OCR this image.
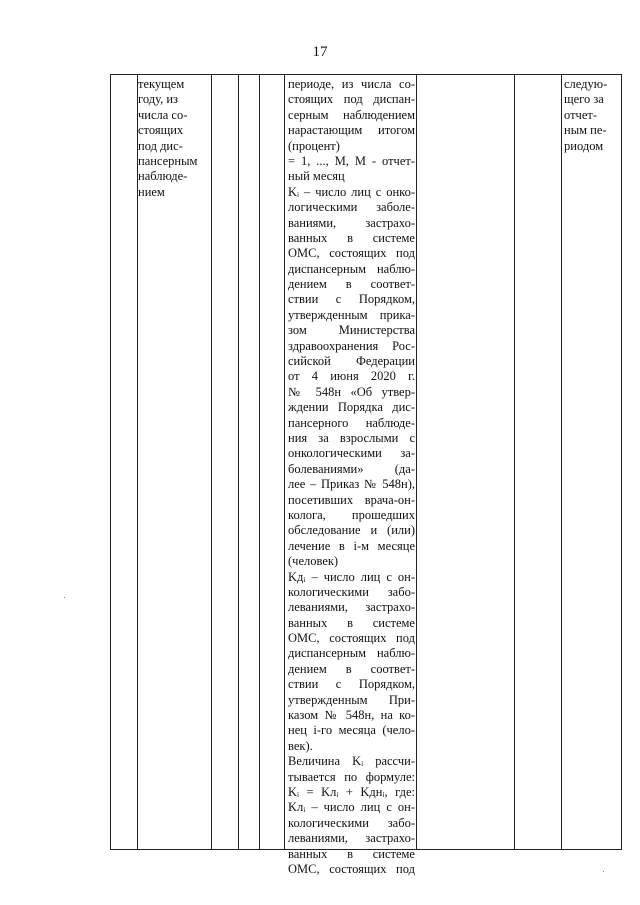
17
текущем
году, из
числа со-
стоящих
под дис-
пансерным
наблюде-
нием
периоде, из числа со-
стоящих под диспан-
серным наблюдением
нарастающим итогом
(процент)
= 1, ..., M, M - отчет-
ный месяц
Kᵢ – число лиц с онко-
логическими заболе-
ваниями, застрахо-
ванных в системе
ОМС, состоящих под
диспансерным наблю-
дением в соответ-
ствии с Порядком,
утвержденным прика-
зом Министерства
здравоохранения Рос-
сийской Федерации
от 4 июня 2020 г.
№ 548н «Об утвер-
ждении Порядка дис-
пансерного наблюде-
ния за взрослыми с
онкологическими за-
болеваниями» (да-
лее – Приказ № 548н),
посетивших врача-он-
колога, прошедших
обследование и (или)
лечение в i-м месяце
(человек)
Kдᵢ – число лиц с он-
кологическими забо-
леваниями, застрахо-
ванных в системе
ОМС, состоящих под
диспансерным наблю-
дением в соответ-
ствии с Порядком,
утвержденным При-
казом № 548н, на ко-
нец i-го месяца (чело-
век).
Величина Kᵢ рассчи-
тывается по формуле:
Kᵢ = Kлᵢ + Kднᵢ, где:
Kлᵢ – число лиц с он-
кологическими забо-
леваниями, застрахо-
ванных в системе
ОМС, состоящих под
следую-
щего за
отчет-
ным пе-
риодом
